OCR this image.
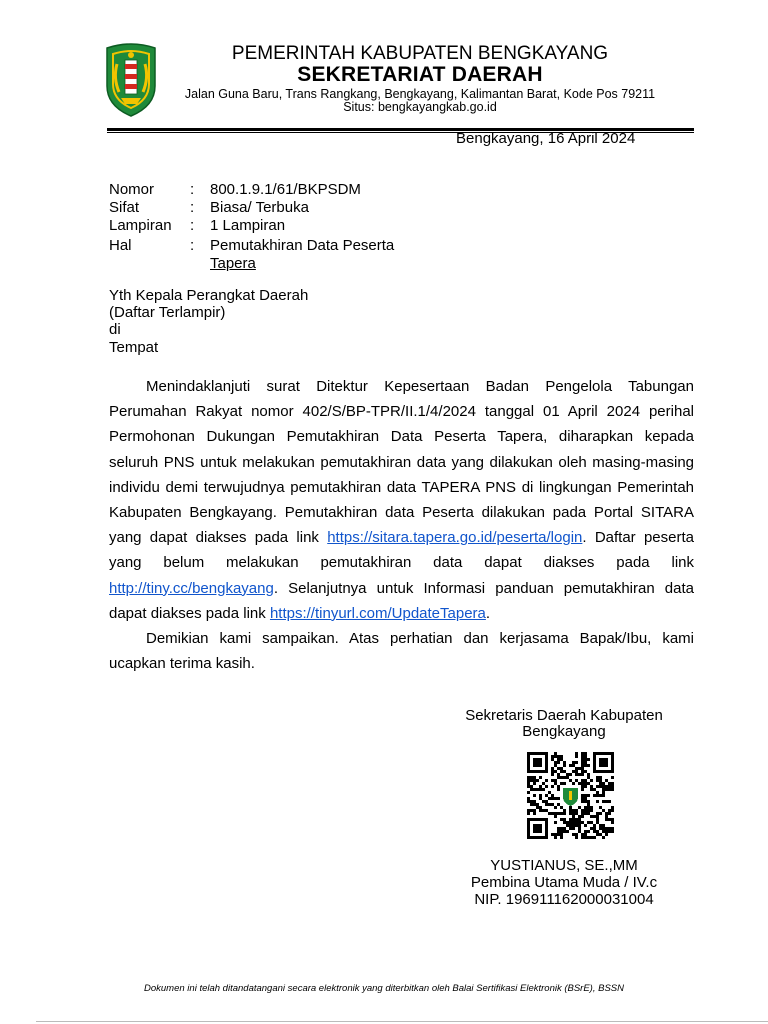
PEMERINTAH KABUPATEN BENGKAYANG
SEKRETARIAT DAERAH
Jalan Guna Baru, Trans Rangkang, Bengkayang, Kalimantan Barat, Kode Pos 79211
Situs: bengkayangkab.go.id
Bengkayang, 16 April 2024
Nomor : 800.1.9.1/61/BKPSDM
Sifat	: Biasa/ Terbuka
Lampiran : 1 Lampiran
Hal	: Pemutakhiran Data Peserta
Tapera
Yth Kepala Perangkat Daerah
(Daftar Terlampir)
di
Tempat

Menindaklanjuti surat Ditektur Kepesertaan Badan Pengelola Tabungan Perumahan Rakyat nomor 402/S/BP-TPR/II.1/4/2024 tanggal 01 April 2024 perihal Permohonan Dukungan Pemutakhiran Data Peserta Tapera, diharapkan kepada seluruh PNS untuk melakukan pemutakhiran data yang dilakukan oleh masing-masing individu demi terwujudnya pemutakhiran data TAPERA PNS di lingkungan Pemerintah Kabupaten Bengkayang. Pemutakhiran data Peserta dilakukan pada Portal SITARA yang dapat diakses pada link https://sitara.tapera.go.id/peserta/login. Daftar peserta yang belum melakukan pemutakhiran data dapat diakses pada link http://tiny.cc/bengkayang. Selanjutnya untuk Informasi panduan pemutakhiran data dapat diakses pada link https://tinyurl.com/UpdateTapera.

Demikian kami sampaikan. Atas perhatian dan kerjasama Bapak/Ibu, kami ucapkan terima kasih.

Sekretaris Daerah Kabupaten
Bengkayang
YUSTIANUS, SE.,MM
Pembina Utama Muda / IV.c
NIP. 196911162000031004
Dokumen ini telah ditandatangani secara elektronik yang diterbitkan oleh Balai Sertifikasi Elektronik (BSrE), BSSN
